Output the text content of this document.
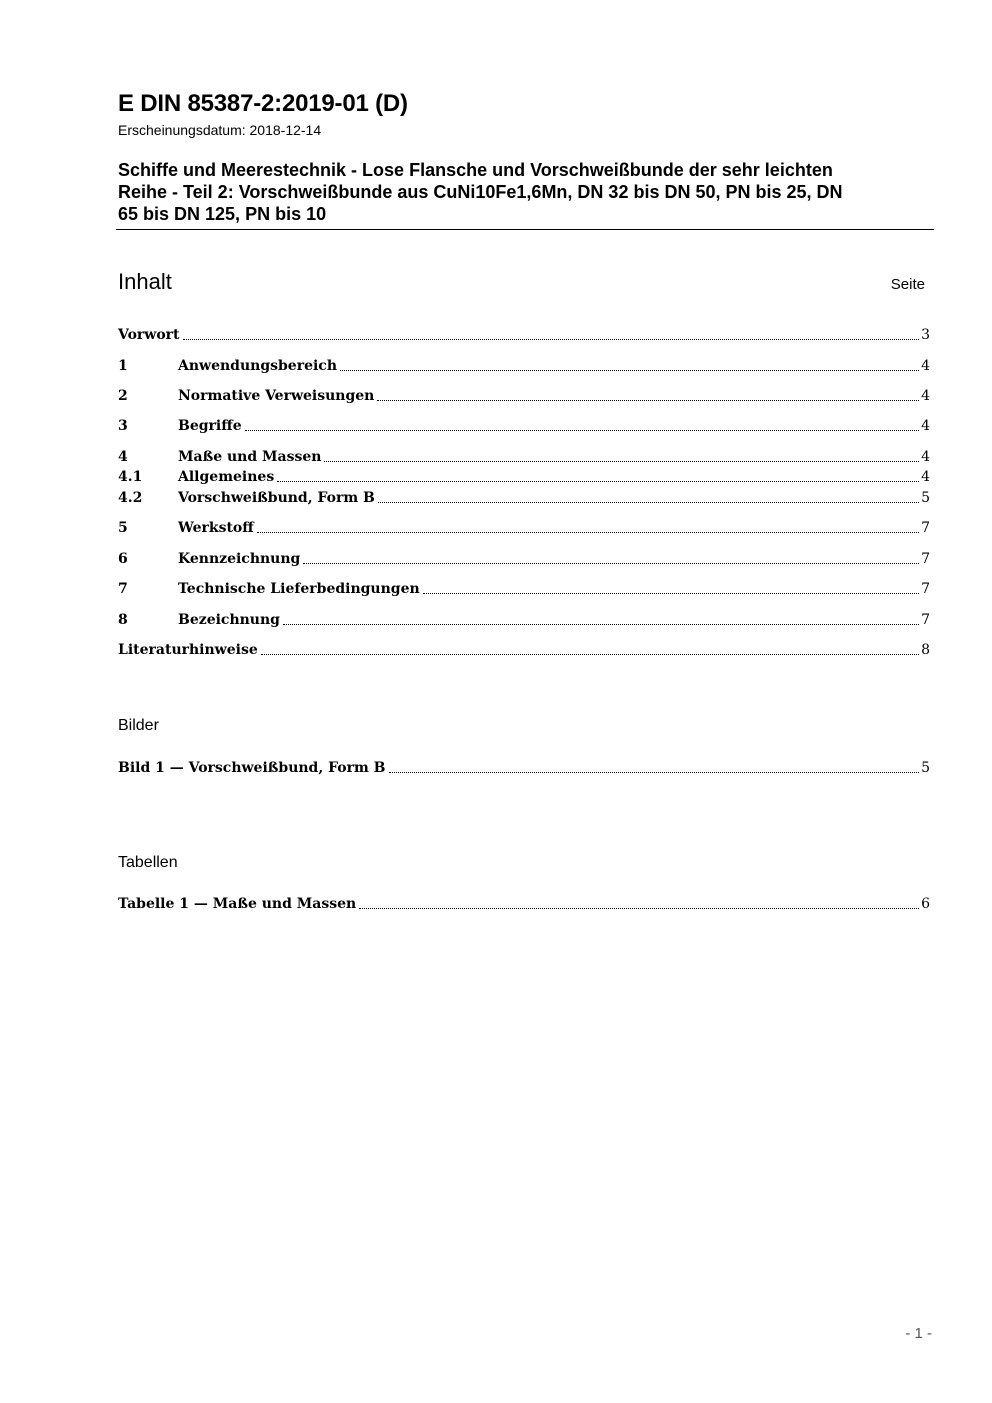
E DIN 85387-2:2019-01 (D)
Erscheinungsdatum: 2018-12-14
Schiffe und Meerestechnik - Lose Flansche und Vorschweißbunde der sehr leichten
Reihe - Teil 2: Vorschweißbunde aus CuNi10Fe1,6Mn, DN 32 bis DN 50, PN bis 25, DN
65 bis DN 125, PN bis 10
Inhalt	Seite
Vorwort	3
1	Anwendungsbereich	4
2	Normative Verweisungen	4
3	Begriffe	4
4	Maße und Massen	4
4.1	Allgemeines	4
4.2	Vorschweißbund, Form B	5
5	Werkstoff	7
6	Kennzeichnung	7
7	Technische Lieferbedingungen	7
8	Bezeichnung	7
Literaturhinweise	8
Bilder
Bild 1 — Vorschweißbund, Form B	5
Tabellen
Tabelle 1 — Maße und Massen	6
- 1 -
